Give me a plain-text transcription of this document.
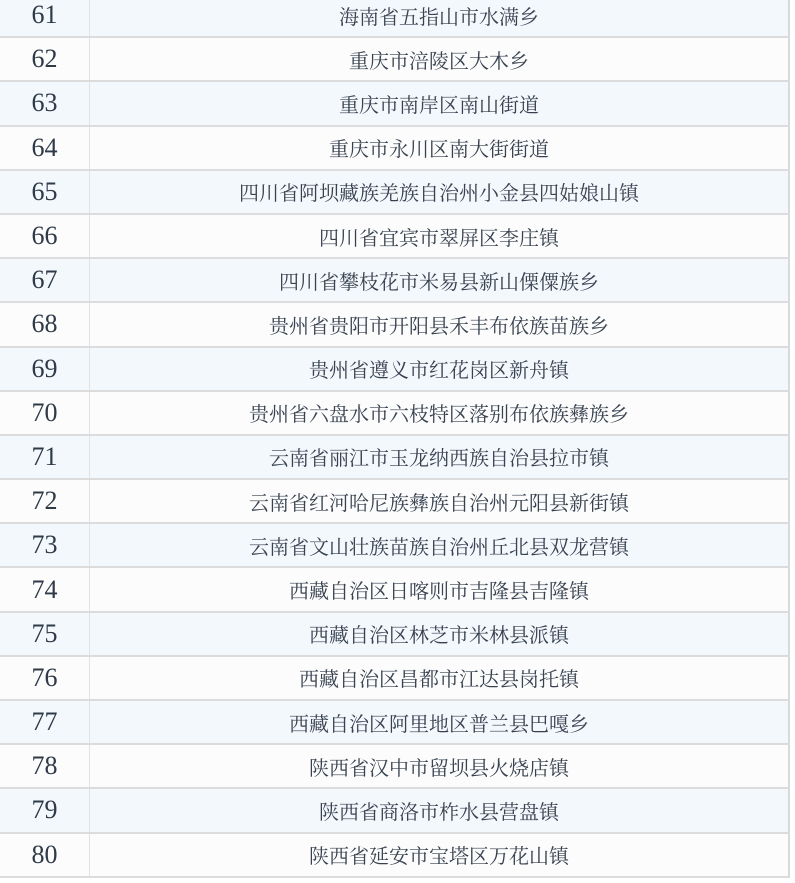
61	海南省五指山市水满乡
62	重庆市涪陵区大木乡
63	重庆市南岸区南山街道
64	重庆市永川区南大街街道
65	四川省阿坝藏族羌族自治州小金县四姑娘山镇
66	四川省宜宾市翠屏区李庄镇
67	四川省攀枝花市米易县新山傈僳族乡
68	贵州省贵阳市开阳县禾丰布依族苗族乡
69	贵州省遵义市红花岗区新舟镇
70	贵州省六盘水市六枝特区落别布依族彝族乡
71	云南省丽江市玉龙纳西族自治县拉市镇
72	云南省红河哈尼族彝族自治州元阳县新街镇
73	云南省文山壮族苗族自治州丘北县双龙营镇
74	西藏自治区日喀则市吉隆县吉隆镇
75	西藏自治区林芝市米林县派镇
76	西藏自治区昌都市江达县岗托镇
77	西藏自治区阿里地区普兰县巴嘎乡
78	陕西省汉中市留坝县火烧店镇
79	陕西省商洛市柞水县营盘镇
80	陕西省延安市宝塔区万花山镇
